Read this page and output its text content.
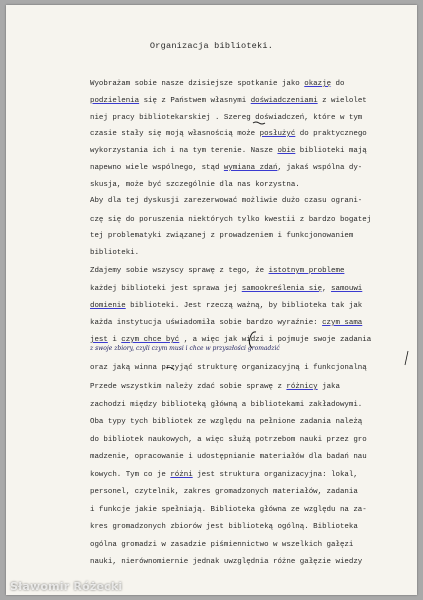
Organizacja biblioteki.
Wyobrażam sobie nasze dzisiejsze spotkanie jako okazję do
podzielenia się z Państwem własnymi doświadczeniami z wielolet
niej pracy bibliotekarskiej . Szereg doświadczeń, które w tym
czasie stały się moją własnością może posłużyć do praktycznego
wykorzystania ich i na tym terenie. Nasze obie biblioteki mają
napewno wiele wspólnego, stąd wymiana zdań, jakaś wspólna dy-
skusja, może być szczególnie dla nas korzystna.
Aby dla tej dyskusji zarezerwować możliwie dużo czasu ograni-
czę się do poruszenia niektórych tylko kwestii z bardzo bogatej
tej problematyki związanej z prowadzeniem i funkcjonowaniem
biblioteki.
Zdajemy sobie wszyscy sprawę z tego, że istotnym probleme
każdej biblioteki jest sprawa jej samookreślenia się, samouwi
domienie biblioteki. Jest rzeczą ważną, by biblioteka tak jak
każda instytucja uświadomiła sobie bardzo wyraźnie: czym sama
jest i czym chce być , a więc jak widzi i pojmuje swoje zadania
oraz jaką winna przyjąć strukturę organizacyjną i funkcjonalną
Przede wszystkim należy zdać sobie sprawę z różnicy jaka
zachodzi między biblioteką główną a bibliotekami zakładowymi.
Oba typy tych bibliotek ze względu na pełnione zadania należą
do bibliotek naukowych, a więc służą potrzebom nauki przez gro
madzenie, opracowanie i udostępnianie materiałów dla badań nau
kowych. Tym co je różni jest struktura organizacyjna: lokal,
personel, czytelnik, zakres gromadzonych materiałów, zadania
i funkcje jakie spełniają. Biblioteka główna ze względu na za-
kres gromadzonych zbiorów jest biblioteką ogólną. Biblioteka
ogólna gromadzi w zasadzie piśmiennictwo w wszelkich gałęzi
nauki, nierównomiernie jednak uwzględnia różne gałęzie wiedzy
z swoje zbiory, czyli czym musi i chce w przyszłości gromadzić
Sławomir Różecki
